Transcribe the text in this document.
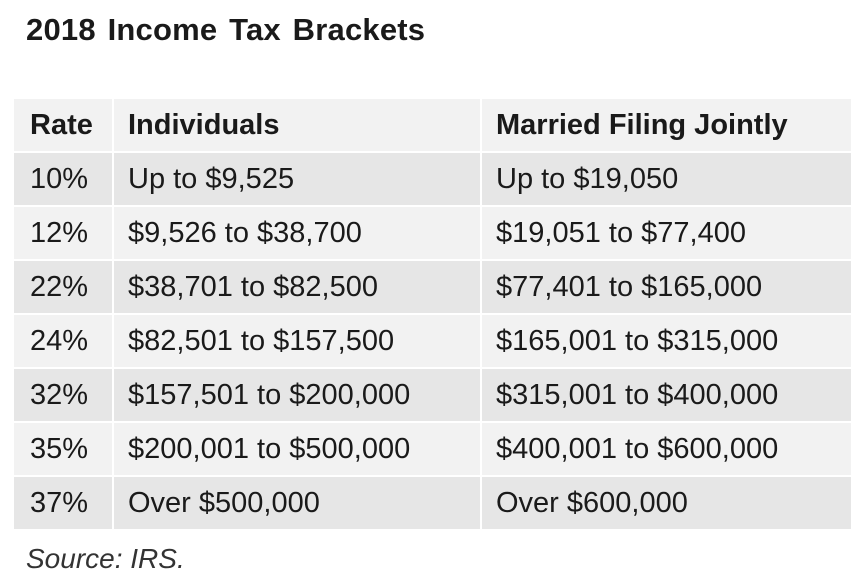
2018 Income Tax Brackets
Rate	Individuals	Married Filing Jointly
10%	Up to $9,525	Up to $19,050
12%	$9,526 to $38,700	$19,051 to $77,400
22%	$38,701 to $82,500	$77,401 to $165,000
24%	$82,501 to $157,500	$165,001 to $315,000
32%	$157,501 to $200,000	$315,001 to $400,000
35%	$200,001 to $500,000	$400,001 to $600,000
37%	Over $500,000	Over $600,000
Source: IRS.
